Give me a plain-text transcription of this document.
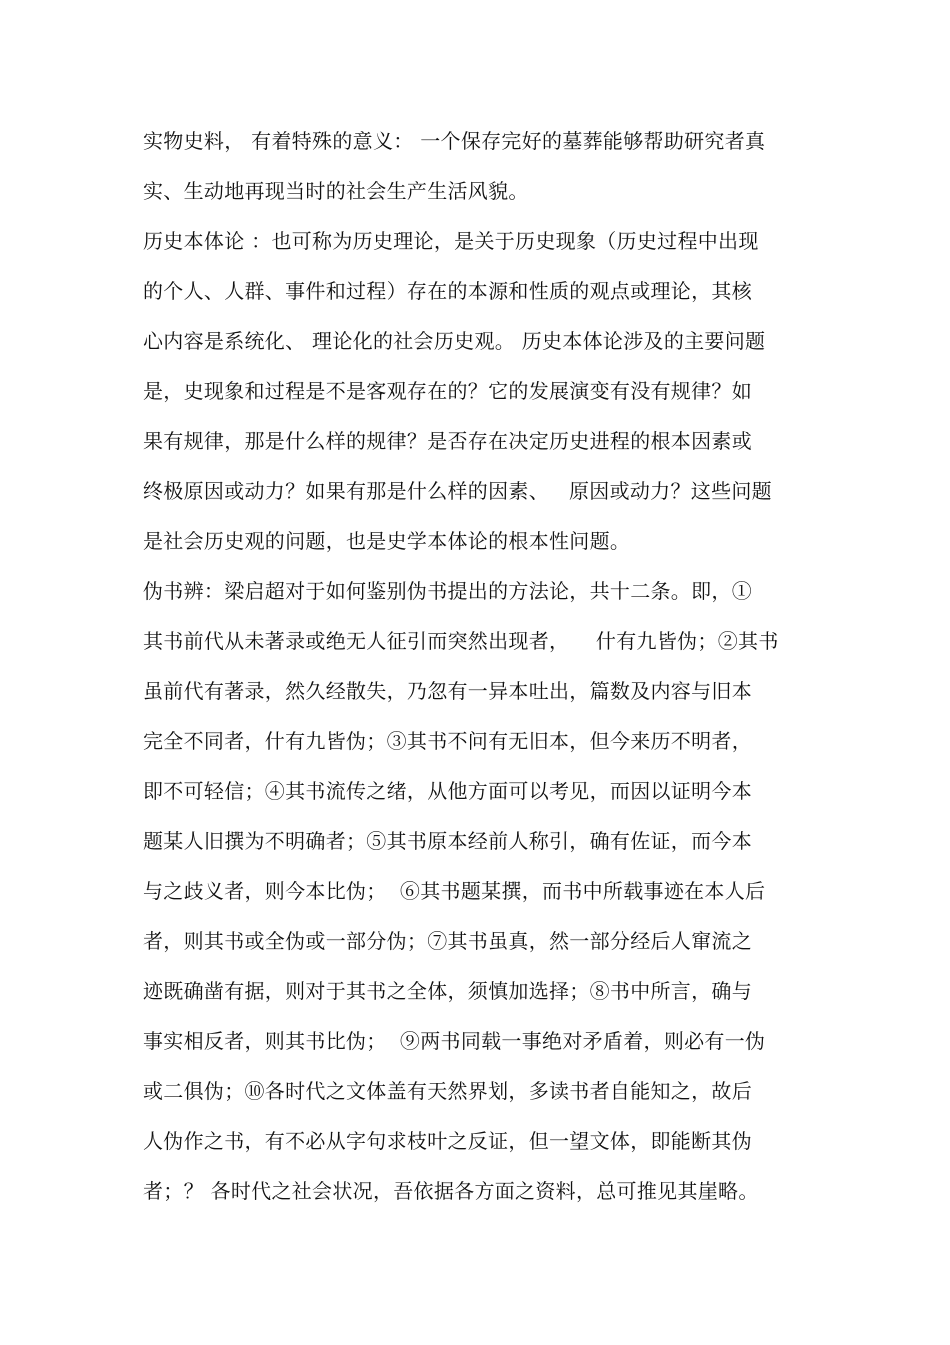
实物史料， 有着特殊的意义： 一个保存完好的墓葬能够帮助研究者真
实、生动地再现当时的社会生产生活风貌。
历史本体论 ：也可称为历史理论，是关于历史现象（历史过程中出现
的个人、人群、事件和过程）存在的本源和性质的观点或理论，其核
心内容是系统化、 理论化的社会历史观。 历史本体论涉及的主要问题
是，史现象和过程是不是客观存在的？它的发展演变有没有规律？如
果有规律，那是什么样的规律？是否存在决定历史进程的根本因素或
终极原因或动力？如果有那是什么样的因素、   原因或动力？这些问题
是社会历史观的问题，也是史学本体论的根本性问题。
伪书辨：梁启超对于如何鉴别伪书提出的方法论，共十二条。即，①
其书前代从未著录或绝无人征引而突然出现者，    什有九皆伪；②其书
虽前代有著录，然久经散失，乃忽有一异本吐出，篇数及内容与旧本
完全不同者，什有九皆伪；③其书不问有无旧本，但今来历不明者，
即不可轻信；④其书流传之绪，从他方面可以考见，而因以证明今本
题某人旧撰为不明确者；⑤其书原本经前人称引，确有佐证，而今本
与之歧义者，则今本比伪；  ⑥其书题某撰，而书中所载事迹在本人后
者，则其书或全伪或一部分伪；⑦其书虽真，然一部分经后人窜流之
迹既确凿有据，则对于其书之全体，须慎加选择；⑧书中所言，确与
事实相反者，则其书比伪；  ⑨两书同载一事绝对矛盾着，则必有一伪
或二俱伪；⑩各时代之文体盖有天然界划，多读书者自能知之，故后
人伪作之书，有不必从字句求枝叶之反证，但一望文体，即能断其伪
者；？ 各时代之社会状况，吾依据各方面之资料，总可推见其崖略。
